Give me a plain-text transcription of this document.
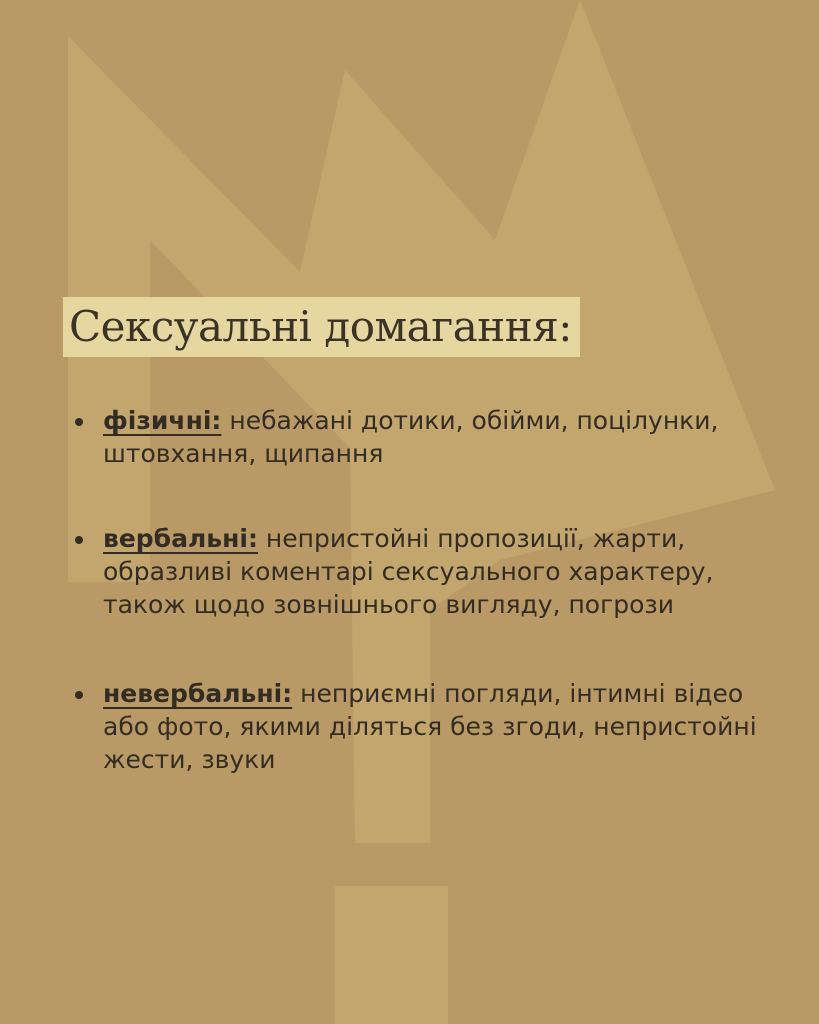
Сексуальні домагання:
фізичні: небажані дотики, обійми, поцілунки, штовхання, щипання
вербальні: непристойні пропозиції, жарти, образливі коментарі сексуального характеру, також щодо зовнішнього вигляду, погрози
невербальні: неприємні погляди, інтимні відео або фото, якими діляться без згоди, непристойні жести, звуки
